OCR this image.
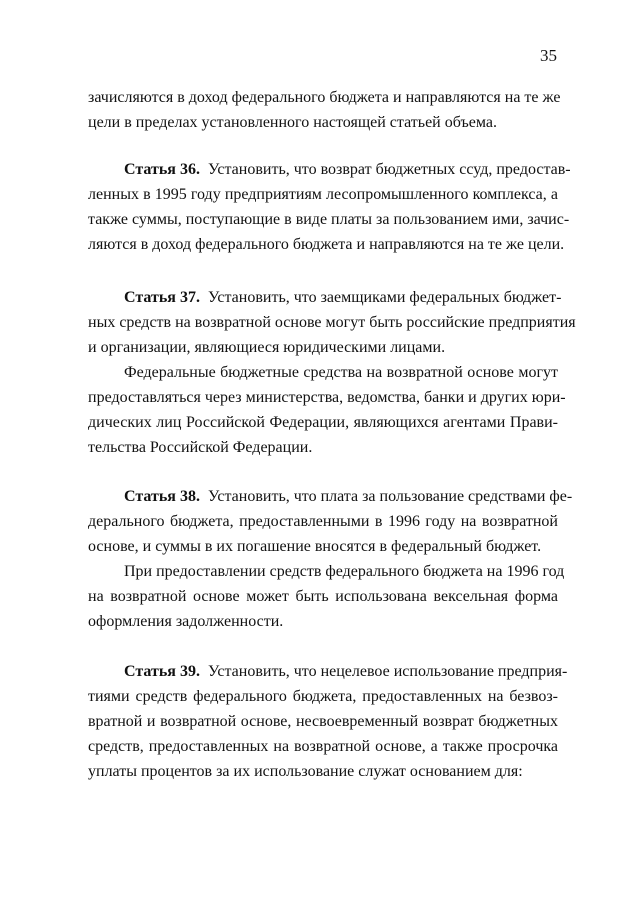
35
зачисляются в доход федерального бюджета и направляются на те же
цели в пределах установленного настоящей статьей объема.
Статья 36. Установить, что возврат бюджетных ссуд, предостав-
ленных в 1995 году предприятиям лесопромышленного комплекса, а
также суммы, поступающие в виде платы за пользованием ими, зачис-
ляются в доход федерального бюджета и направляются на те же цели.
Статья 37. Установить, что заемщиками федеральных бюджет-
ных средств на возвратной основе могут быть российские предприятия
и организации, являющиеся юридическими лицами.
Федеральные бюджетные средства на возвратной основе могут
предоставляться через министерства, ведомства, банки и других юри-
дических лиц Российской Федерации, являющихся агентами Прави-
тельства Российской Федерации.
Статья 38. Установить, что плата за пользование средствами фе-
дерального бюджета, предоставленными в 1996 году на возвратной
основе, и суммы в их погашение вносятся в федеральный бюджет.
При предоставлении средств федерального бюджета на 1996 год
на возвратной основе может быть использована вексельная форма
оформления задолженности.
Статья 39. Установить, что нецелевое использование предприя-
тиями средств федерального бюджета, предоставленных на безвоз-
вратной и возвратной основе, несвоевременный возврат бюджетных
средств, предоставленных на возвратной основе, а также просрочка
уплаты процентов за их использование служат основанием для:
